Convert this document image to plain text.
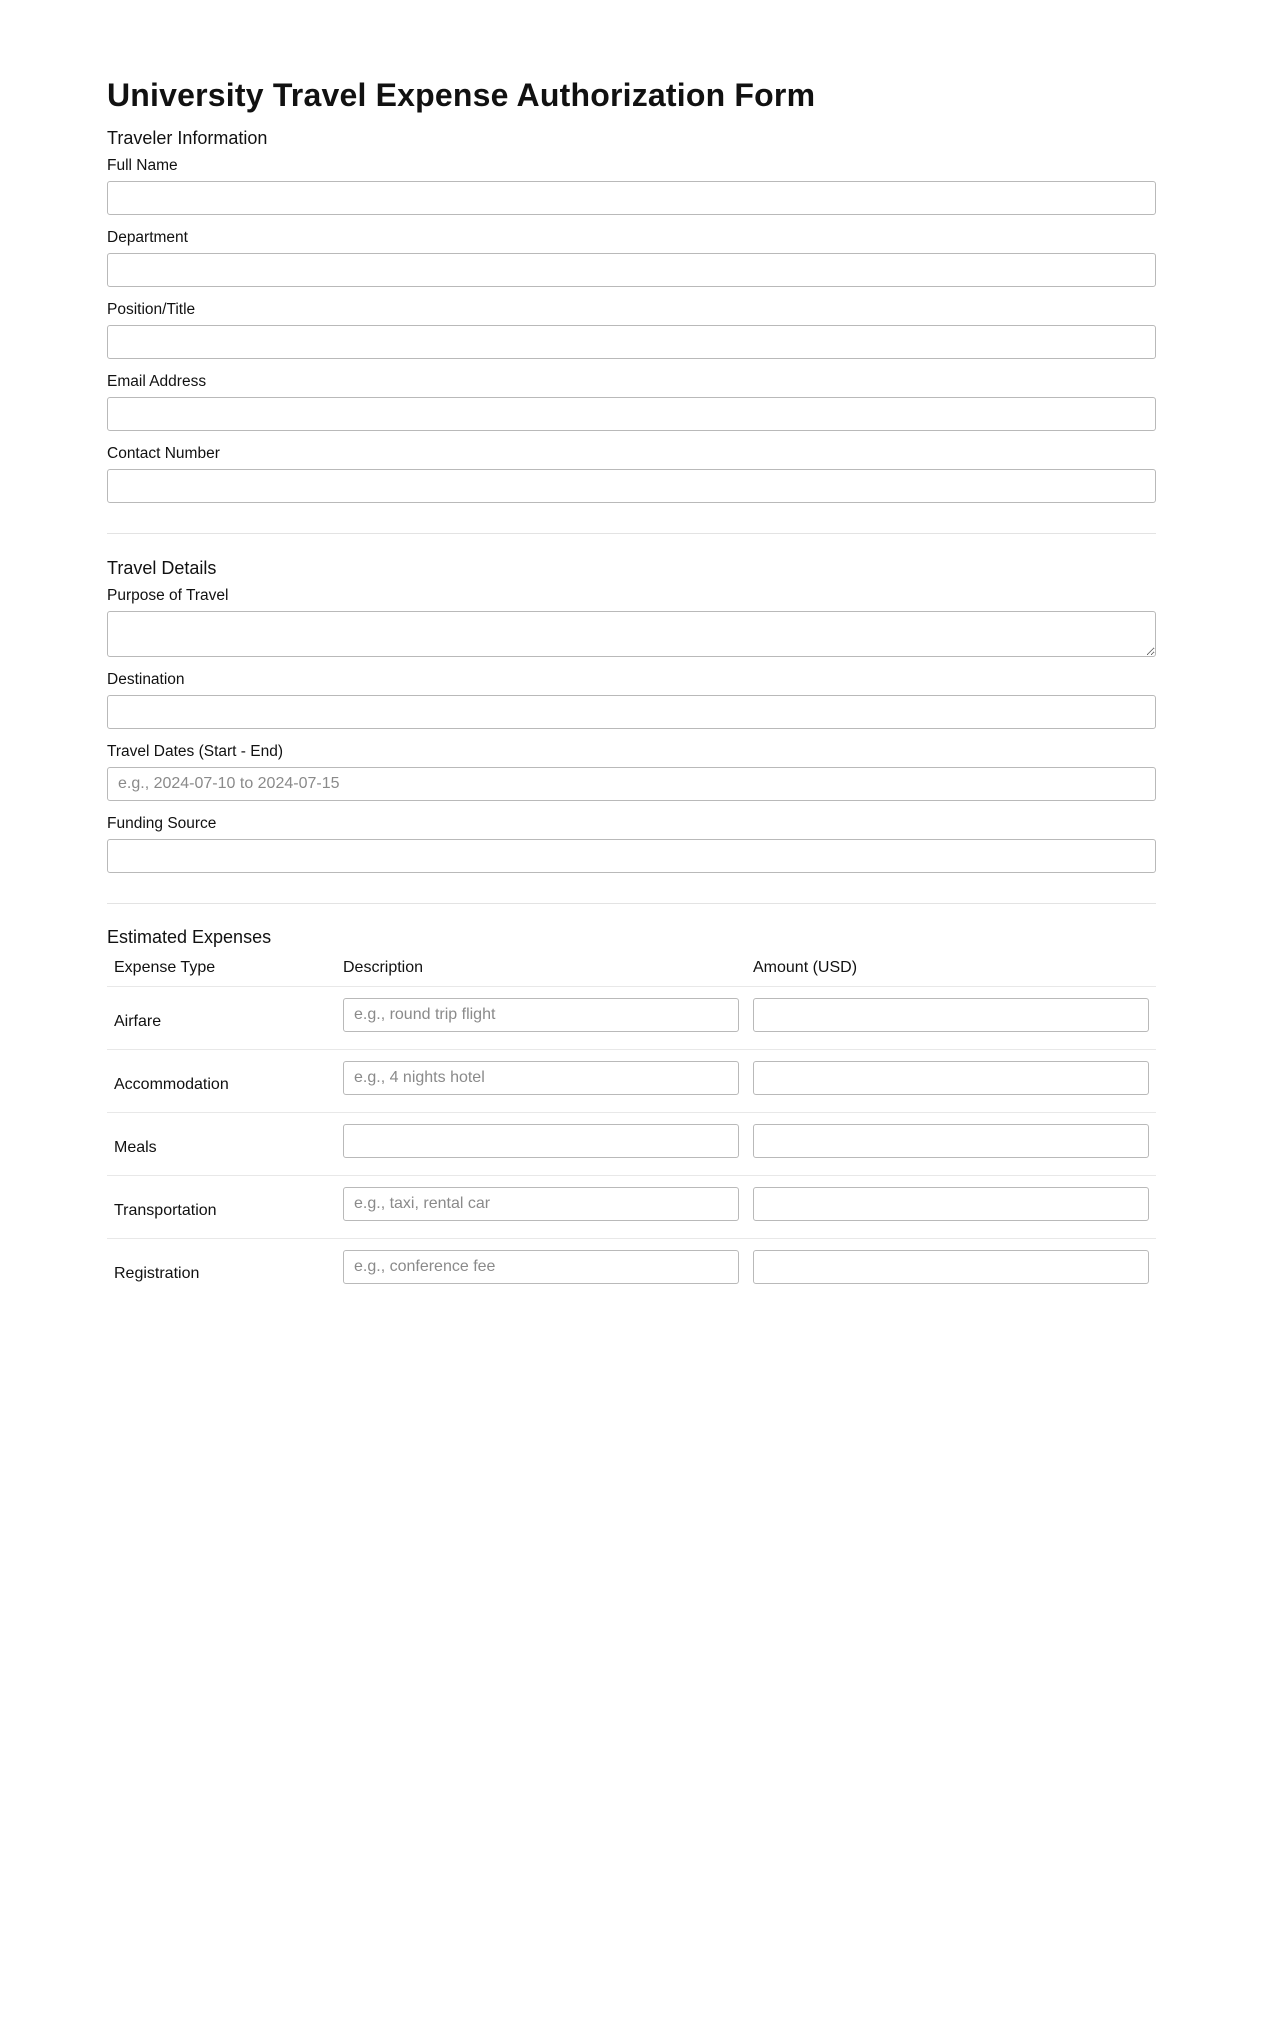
University Travel Expense Authorization Form
Traveler Information
Full Name
Department
Position/Title
Email Address
Contact Number
Travel Details
Purpose of Travel
Destination
Travel Dates (Start - End)
e.g., 2024-07-10 to 2024-07-15
Funding Source
Estimated Expenses
Expense Type	Description	Amount (USD)
Airfare	e.g., round trip flight	
Accommodation	e.g., 4 nights hotel	
Meals		
Transportation	e.g., taxi, rental car	
Registration	e.g., conference fee	
